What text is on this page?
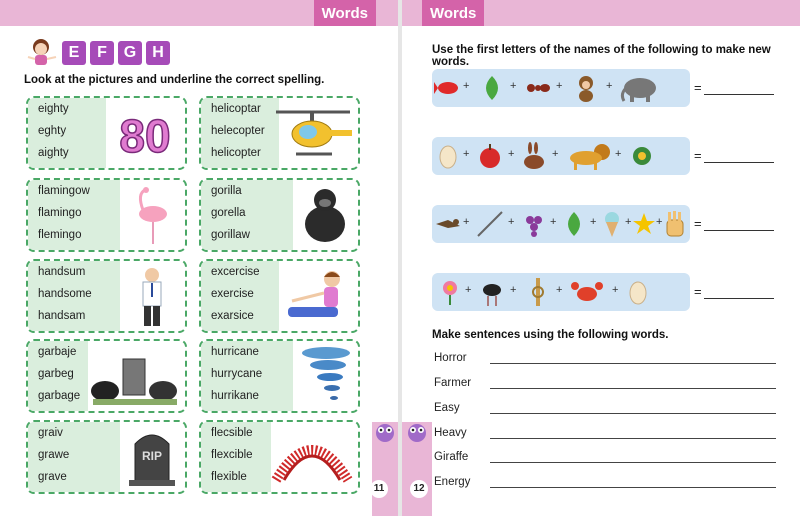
Words
E	F	G	H
Look at the pictures and underline the correct spelling.
eighty
eghty
aighty 80
helicoptar
helecopter
helicopter
flamingow
flamingo
flemingo
gorilla
gorella
gorillaw
handsum
handsome
handsam
excercise
exercise
exarsice
garbaje
garbeg
garbage
hurricane
hurrycane
hurrikane
graiv
grawe
grave
RIP
flecsible
flexcible
flexible
11
Words
Use the first letters of the names of the following to make new words.
+	+	+	+	=
+	+	+	+	=
+	+	+	+	+ + =
+	+	+	+	=
Make sentences using the following words.
Horror
Farmer
Easy
Heavy
Giraffe
Energy
12
